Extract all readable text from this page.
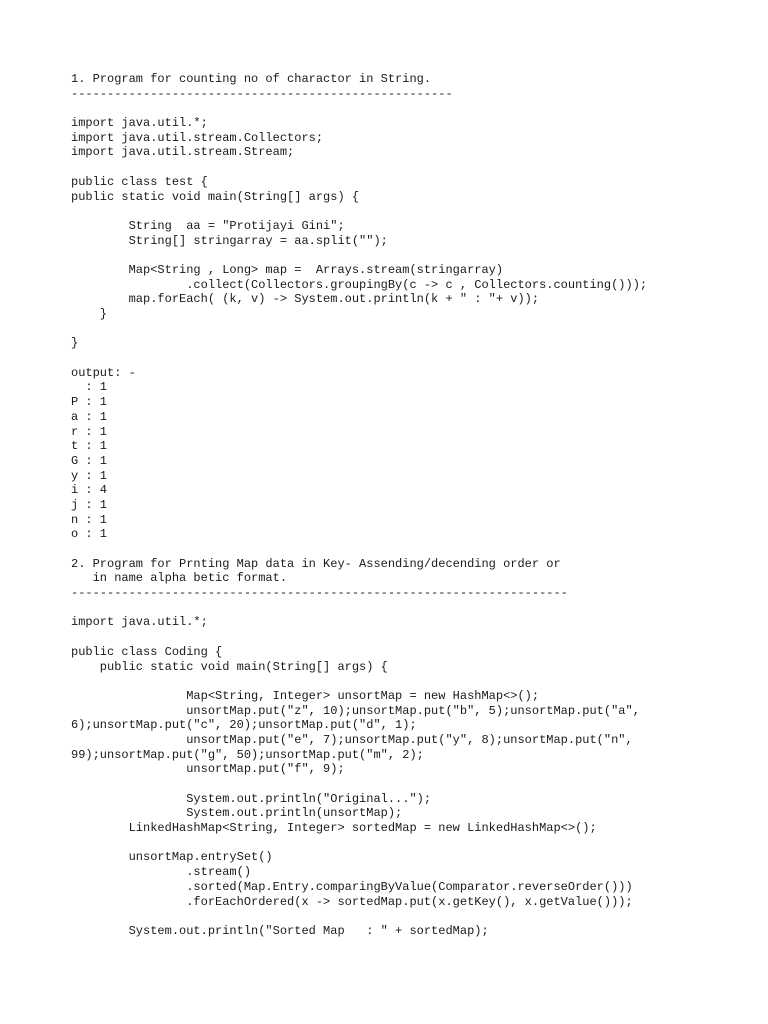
1. Program for counting no of charactor in String.
-----------------------------------------------------
import java.util.*;
import java.util.stream.Collectors;
import java.util.stream.Stream;
public class test {
public static void main(String[] args) {
String  aa = "Protijayi Gini";
String[] stringarray = aa.split("");
Map<String , Long> map =  Arrays.stream(stringarray)
.collect(Collectors.groupingBy(c -> c , Collectors.counting()));
map.forEach( (k, v) -> System.out.println(k + " : "+ v));
}
}
output: -
: 1
P : 1
a : 1
r : 1
t : 1
G : 1
y : 1
i : 4
j : 1
n : 1
o : 1
2. Program for Prnting Map data in Key- Assending/decending order or
in name alpha betic format.
---------------------------------------------------------------------
import java.util.*;
public class Coding {
public static void main(String[] args) {
Map<String, Integer> unsortMap = new HashMap<>();
unsortMap.put("z", 10);unsortMap.put("b", 5);unsortMap.put("a",
6);unsortMap.put("c", 20);unsortMap.put("d", 1);
unsortMap.put("e", 7);unsortMap.put("y", 8);unsortMap.put("n",
99);unsortMap.put("g", 50);unsortMap.put("m", 2);
unsortMap.put("f", 9);
System.out.println("Original...");
System.out.println(unsortMap);
LinkedHashMap<String, Integer> sortedMap = new LinkedHashMap<>();
unsortMap.entrySet()
.stream()
.sorted(Map.Entry.comparingByValue(Comparator.reverseOrder()))
.forEachOrdered(x -> sortedMap.put(x.getKey(), x.getValue()));
System.out.println("Sorted Map   : " + sortedMap);
